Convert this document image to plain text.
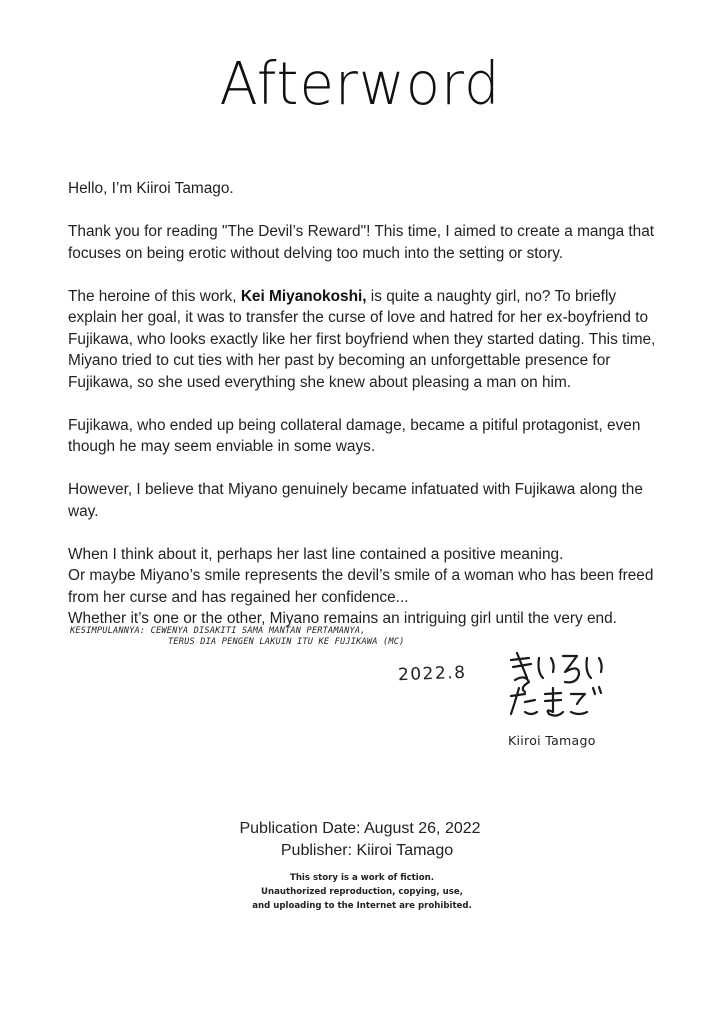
Afterword

Hello, I’m Kiiroi Tamago.

Thank you for reading "The Devil’s Reward"! This time, I aimed to create a manga that focuses on being erotic without delving too much into the setting or story.

The heroine of this work, Kei Miyanokoshi, is quite a naughty girl, no? To briefly explain her goal, it was to transfer the curse of love and hatred for her ex-boyfriend to Fujikawa, who looks exactly like her first boyfriend when they started dating. This time, Miyano tried to cut ties with her past by becoming an unforgettable presence for Fujikawa, so she used everything she knew about pleasing a man on him.

Fujikawa, who ended up being collateral damage, became a pitiful protagonist, even though he may seem enviable in some ways.

However, I believe that Miyano genuinely became infatuated with Fujikawa along the way.

When I think about it, perhaps her last line contained a positive meaning.

Or maybe Miyano’s smile represents the devil’s smile of a woman who has been freed from her curse and has regained her confidence...

Whether it’s one or the other, Miyano remains an intriguing girl until the very end.

KESIMPULANNYA: CEWENYA DISAKITI SAMA MANTAN PERTAMANYA,
TERUS DIA PENGEN LAKUIN ITU KE FUJIKAWA (MC)
2022.8
Kiiroi Tamago
Publication Date: August 26, 2022
Publisher: Kiiroi Tamago
This story is a work of fiction.
Unauthorized reproduction, copying, use,
and uploading to the Internet are prohibited.
